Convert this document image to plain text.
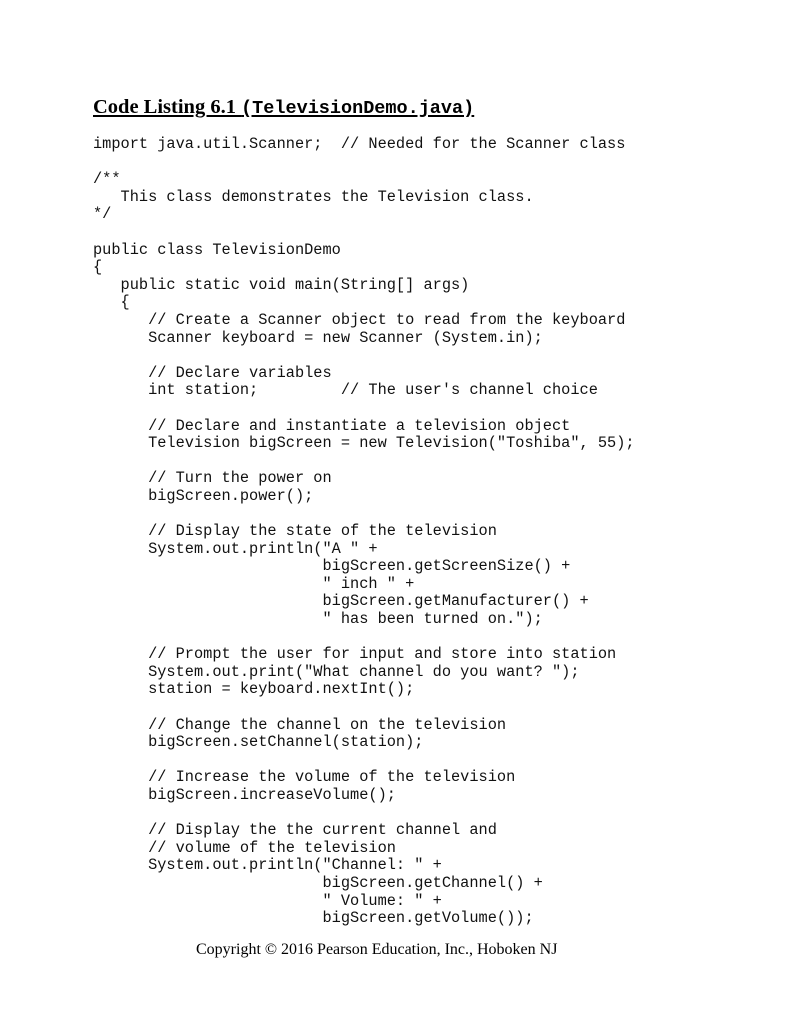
Code Listing 6.1 (TelevisionDemo.java)
import java.util.Scanner;  // Needed for the Scanner class
/**
This class demonstrates the Television class.
*/
public class TelevisionDemo
{
public static void main(String[] args)
{
// Create a Scanner object to read from the keyboard
Scanner keyboard = new Scanner (System.in);
// Declare variables
int station;         // The user's channel choice
// Declare and instantiate a television object
Television bigScreen = new Television("Toshiba", 55);
// Turn the power on
bigScreen.power();
// Display the state of the television
System.out.println("A " +
bigScreen.getScreenSize() +
" inch " +
bigScreen.getManufacturer() +
" has been turned on.");
// Prompt the user for input and store into station
System.out.print("What channel do you want? ");
station = keyboard.nextInt();
// Change the channel on the television
bigScreen.setChannel(station);
// Increase the volume of the television
bigScreen.increaseVolume();
// Display the the current channel and
// volume of the television
System.out.println("Channel: " +
bigScreen.getChannel() +
" Volume: " +
bigScreen.getVolume());
Copyright © 2016 Pearson Education, Inc., Hoboken NJ
